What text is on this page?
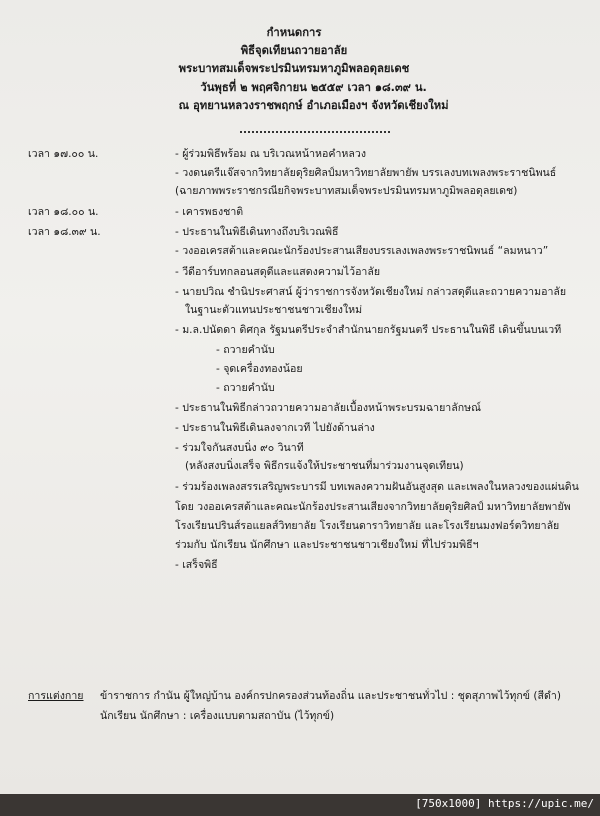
กำหนดการ
พิธีจุดเทียนถวายอาลัย
พระบาทสมเด็จพระปรมินทรมหาภูมิพลอดุลยเดช
วันพุธที่ ๒ พฤศจิกายน ๒๕๕๙ เวลา ๑๘.๓๙ น.
ณ อุทยานหลวงราชพฤกษ์ อำเภอเมืองฯ จังหวัดเชียงใหม่
เวลา ๑๗.๐๐ น.	- ผู้ร่วมพิธีพร้อม ณ บริเวณหน้าหอคำหลวง
- วงดนตรีแจ๊สจากวิทยาลัยดุริยศิลป์มหาวิทยาลัยพายัพ บรรเลงบทเพลงพระราชนิพนธ์
(ฉายภาพพระราชกรณียกิจพระบาทสมเด็จพระปรมินทรมหาภูมิพลอดุลยเดช)
เวลา ๑๘.๐๐ น.	- เคารพธงชาติ
เวลา ๑๘.๓๙ น.	- ประธานในพิธีเดินทางถึงบริเวณพิธี
- วงออเครสต้าและคณะนักร้องประสานเสียงบรรเลงเพลงพระราชนิพนธ์ “ลมหนาว”
- วีดีอาร์บทกลอนสดุดีและแสดงความไว้อาลัย
- นายปวิณ ชำนิประศาสน์ ผู้ว่าราชการจังหวัดเชียงใหม่ กล่าวสดุดีและถวายความอาลัย
ในฐานะตัวแทนประชาชนชาวเชียงใหม่
- ม.ล.ปนัดดา ดิศกุล รัฐมนตรีประจำสำนักนายกรัฐมนตรี ประธานในพิธี เดินขึ้นบนเวที
- ถวายคำนับ
- จุดเครื่องทองน้อย
- ถวายคำนับ
- ประธานในพิธีกล่าวถวายความอาลัยเบื้องหน้าพระบรมฉายาลักษณ์
- ประธานในพิธีเดินลงจากเวที ไปยังด้านล่าง
- ร่วมใจกันสงบนิ่ง ๙๐ วินาที
(หลังสงบนิ่งเสร็จ พิธีกรแจ้งให้ประชาชนที่มาร่วมงานจุดเทียน)
- ร่วมร้องเพลงสรรเสริญพระบารมี บทเพลงความฝันอันสูงสุด และเพลงในหลวงของแผ่นดิน
โดย วงออเครสต้าและคณะนักร้องประสานเสียงจากวิทยาลัยดุริยศิลป์ มหาวิทยาลัยพายัพ
โรงเรียนปรินส์รอแยลส์วิทยาลัย โรงเรียนดาราวิทยาลัย และโรงเรียนมงฟอร์ตวิทยาลัย
ร่วมกับ นักเรียน นักศึกษา และประชาชนชาวเชียงใหม่ ที่ไปร่วมพิธีฯ
- เสร็จพิธี
การแต่งกาย ข้าราชการ กำนัน ผู้ใหญ่บ้าน องค์กรปกครองส่วนท้องถิ่น และประชาชนทั่วไป : ชุดสุภาพไว้ทุกข์ (สีดำ)
นักเรียน นักศึกษา : เครื่องแบบตามสถาบัน (ไว้ทุกข์)
[750x1000] https://upic.me/
